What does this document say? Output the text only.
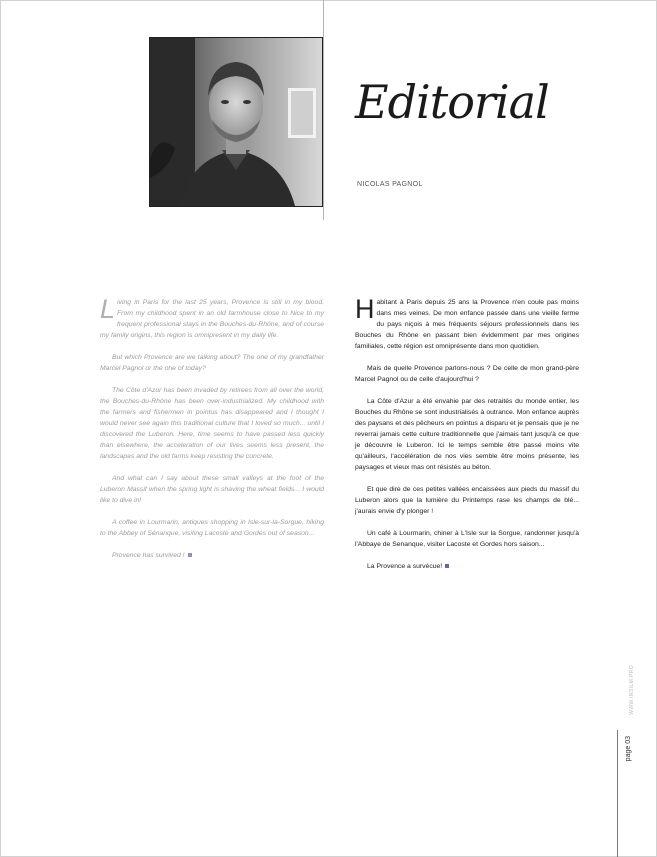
Editorial
NICOLAS PAGNOL

Living in Paris for the last 25 years, Provence is still in my blood. From my childhood spent in an old farmhouse close to Nice to my frequent professional stays in the Bouches-du-Rhône, and of course my family origins, this region is omnipresent in my daily life.

But which Provence are we talking about? The one of my grandfather Marcel Pagnol or the one of today?

The Côte d'Azur has been invaded by retirees from all over the world, the Bouches-du-Rhône has been over-industrialized. My childhood with the farmers and fishermen in pointus has disappeared and I thought I would never see again this traditional culture that I loved so much... until I discovered the Luberon. Here, time seems to have passed less quickly than elsewhere, the acceleration of our lives seems less present, the landscapes and the old farms keep resisting the concrete.

And what can I say about these small valleys at the foot of the Luberon Massif when the spring light is shaving the wheat fields... I would like to dive in!

A coffee in Lourmarin, antiques shopping in Isle-sur-la-Sorgue, hiking to the Abbey of Sénanque, visiting Lacoste and Gordes out of season...

Provence has survived !

Habitant à Paris depuis 25 ans la Provence n'en coule pas moins dans mes veines. De mon enfance passée dans une vieille ferme du pays niçois à mes fréquents séjours professionnels dans les Bouches du Rhône en passant bien évidemment par mes origines familiales, cette région est omniprésente dans mon quotidien.

Mais de quelle Provence parlons-nous ? De celle de mon grand-père Marcel Pagnol ou de celle d'aujourd'hui ?

La Côte d'Azur a été envahie par des retraités du monde entier, les Bouches du Rhône se sont industrialisés à outrance. Mon enfance auprès des paysans et des pêcheurs en pointus a disparu et je pensais que je ne reverrai jamais cette culture traditionnelle que j'aimais tant jusqu'à ce que je découvre le Luberon. Ici le temps semble être passé moins vite qu'ailleurs, l'accélération de nos vies semble être moins présente, les paysages et vieux mas ont résistés au béton.

Et que dire de ces petites vallées encaissées aux pieds du massif du Luberon alors que la lumière du Printemps rase les champs de blé... j'aurais envie d'y plonger !

Un café à Lourmarin, chiner à L'Isle sur la Sorgue, randonner jusqu'à l'Abbaye de Senanque, visiter Lacoste et Gordes hors saison...

La Provence a survécue!

WWW.INSILM.PRO
page 03
